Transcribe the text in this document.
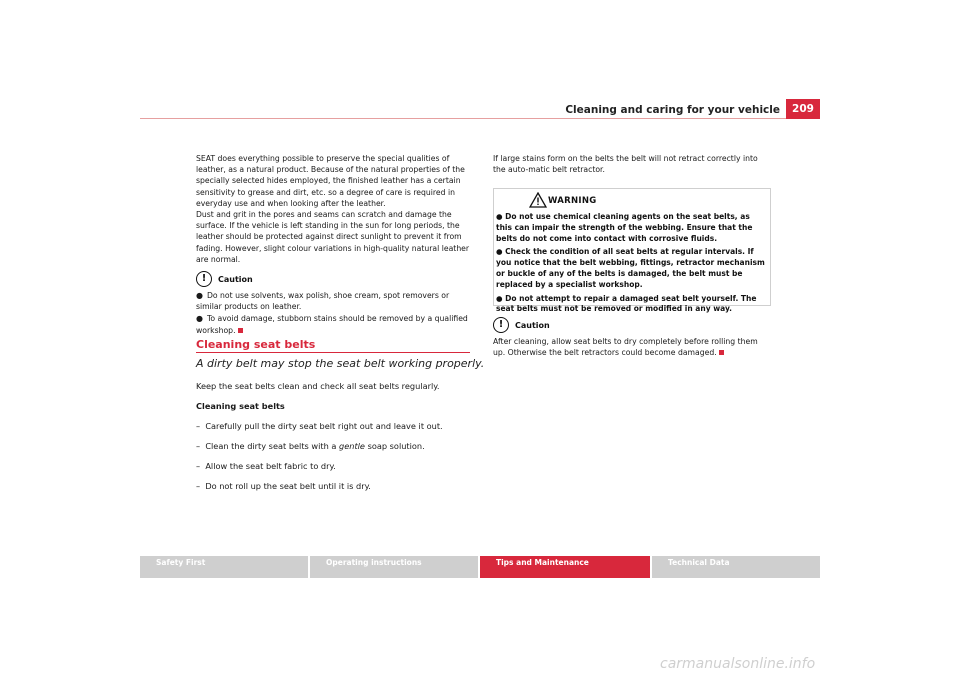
Cleaning and caring for your vehicle	209

SEAT does everything possible to preserve the special qualities of leather, as a natural product. Because of the natural properties of the specially selected hides employed, the finished leather has a certain sensitivity to grease and dirt, etc. so a degree of care is required in everyday use and when looking after the leather.

Dust and grit in the pores and seams can scratch and damage the surface. If the vehicle is left standing in the sun for long periods, the leather should be protected against direct sunlight to prevent it from fading. However, slight colour variations in high-quality natural leather are normal.

!	Caution

● Do not use solvents, wax polish, shoe cream, spot removers or similar products on leather.

● To avoid damage, stubborn stains should be removed by a qualified workshop.

Cleaning seat belts
A dirty belt may stop the seat belt working properly.

Keep the seat belts clean and check all seat belts regularly.

Cleaning seat belts

–  Carefully pull the dirty seat belt right out and leave it out.

–  Clean the dirty seat belts with a gentle soap solution.

–  Allow the seat belt fabric to dry.

–  Do not roll up the seat belt until it is dry.

If large stains form on the belts the belt will not retract correctly into the auto-matic belt retractor.

WARNING

● Do not use chemical cleaning agents on the seat belts, as this can impair the strength of the webbing. Ensure that the belts do not come into contact with corrosive fluids.

● Check the condition of all seat belts at regular intervals. If you notice that the belt webbing, fittings, retractor mechanism or buckle of any of the belts is damaged, the belt must be replaced by a specialist workshop.

● Do not attempt to repair a damaged seat belt yourself. The seat belts must not be removed or modified in any way.

!	Caution

After cleaning, allow seat belts to dry completely before rolling them up. Otherwise the belt retractors could become damaged.

Safety First	Operating instructions	Tips and Maintenance	Technical Data
carmanualsonline.info
